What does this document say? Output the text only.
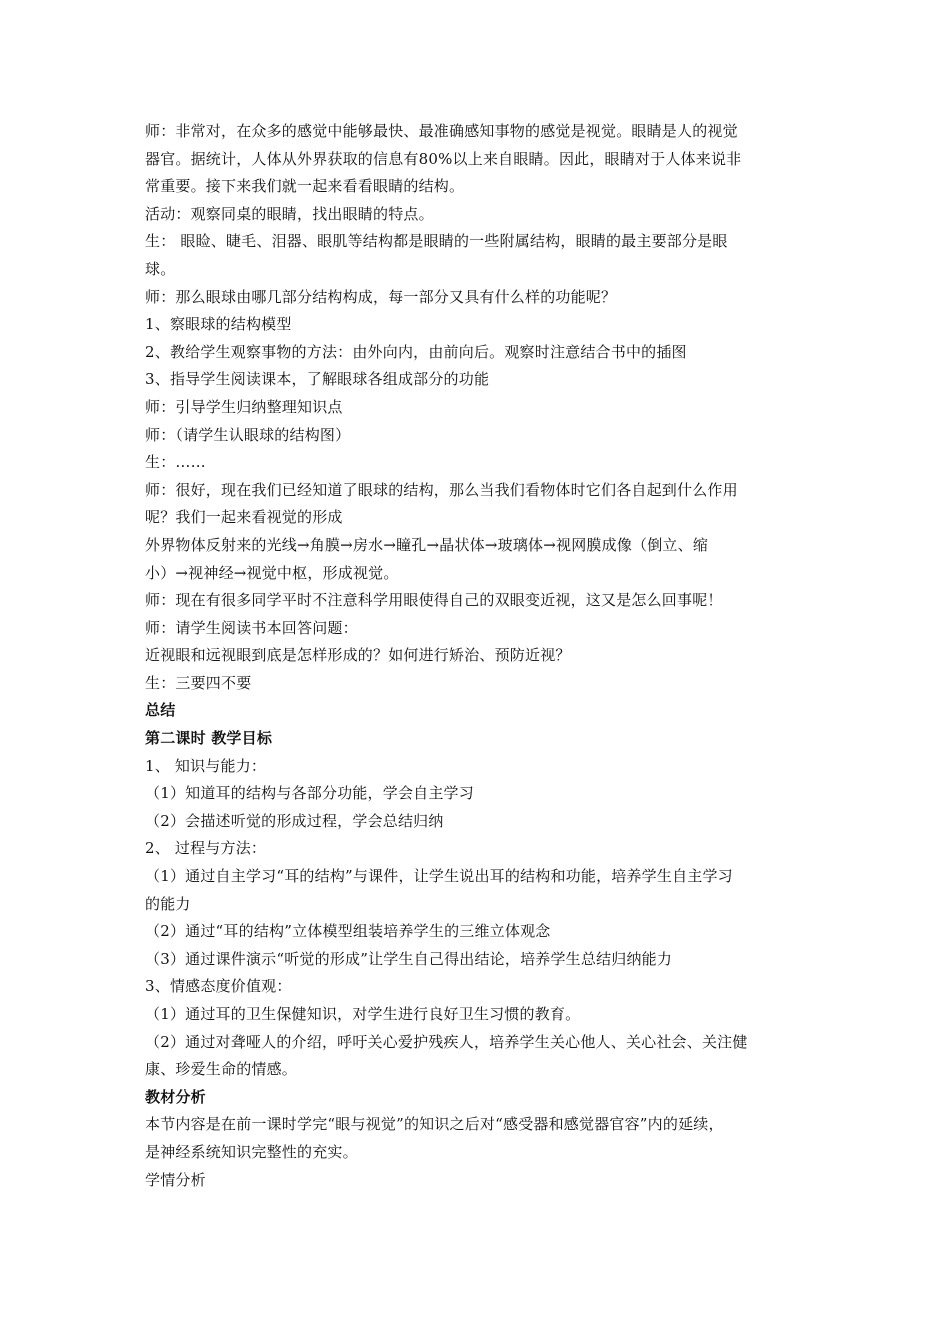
师：非常对，在众多的感觉中能够最快、最准确感知事物的感觉是视觉。眼睛是人的视觉
器官。据统计，人体从外界获取的信息有80%以上来自眼睛。因此，眼睛对于人体来说非
常重要。接下来我们就一起来看看眼睛的结构。
活动：观察同桌的眼睛，找出眼睛的特点。
生： 眼睑、睫毛、泪器、眼肌等结构都是眼睛的一些附属结构，眼睛的最主要部分是眼
球。
师：那么眼球由哪几部分结构构成，每一部分又具有什么样的功能呢？
1、察眼球的结构模型
2、教给学生观察事物的方法：由外向内，由前向后。观察时注意结合书中的插图
3、指导学生阅读课本，了解眼球各组成部分的功能
师：引导学生归纳整理知识点
师：（请学生认眼球的结构图）
生：……
师：很好，现在我们已经知道了眼球的结构，那么当我们看物体时它们各自起到什么作用
呢？我们一起来看视觉的形成
外界物体反射来的光线→角膜→房水→瞳孔→晶状体→玻璃体→视网膜成像（倒立、缩
小）→视神经→视觉中枢，形成视觉。
师：现在有很多同学平时不注意科学用眼使得自己的双眼变近视，这又是怎么回事呢！
师：请学生阅读书本回答问题：
近视眼和远视眼到底是怎样形成的？如何进行矫治、预防近视？
生：三要四不要
总结
第二课时 教学目标
1、 知识与能力：
（1）知道耳的结构与各部分功能，学会自主学习
（2）会描述听觉的形成过程，学会总结归纳
2、 过程与方法：
（1）通过自主学习“耳的结构”与课件，让学生说出耳的结构和功能，培养学生自主学习
的能力
（2）通过“耳的结构”立体模型组装培养学生的三维立体观念
（3）通过课件演示“听觉的形成”让学生自己得出结论，培养学生总结归纳能力
3、情感态度价值观：
（1）通过耳的卫生保健知识，对学生进行良好卫生习惯的教育。
（2）通过对聋哑人的介绍，呼吁关心爱护残疾人，培养学生关心他人、关心社会、关注健
康、珍爱生命的情感。
教材分析
本节内容是在前一课时学完“眼与视觉”的知识之后对“感受器和感觉器官容”内的延续，
是神经系统知识完整性的充实。
学情分析
